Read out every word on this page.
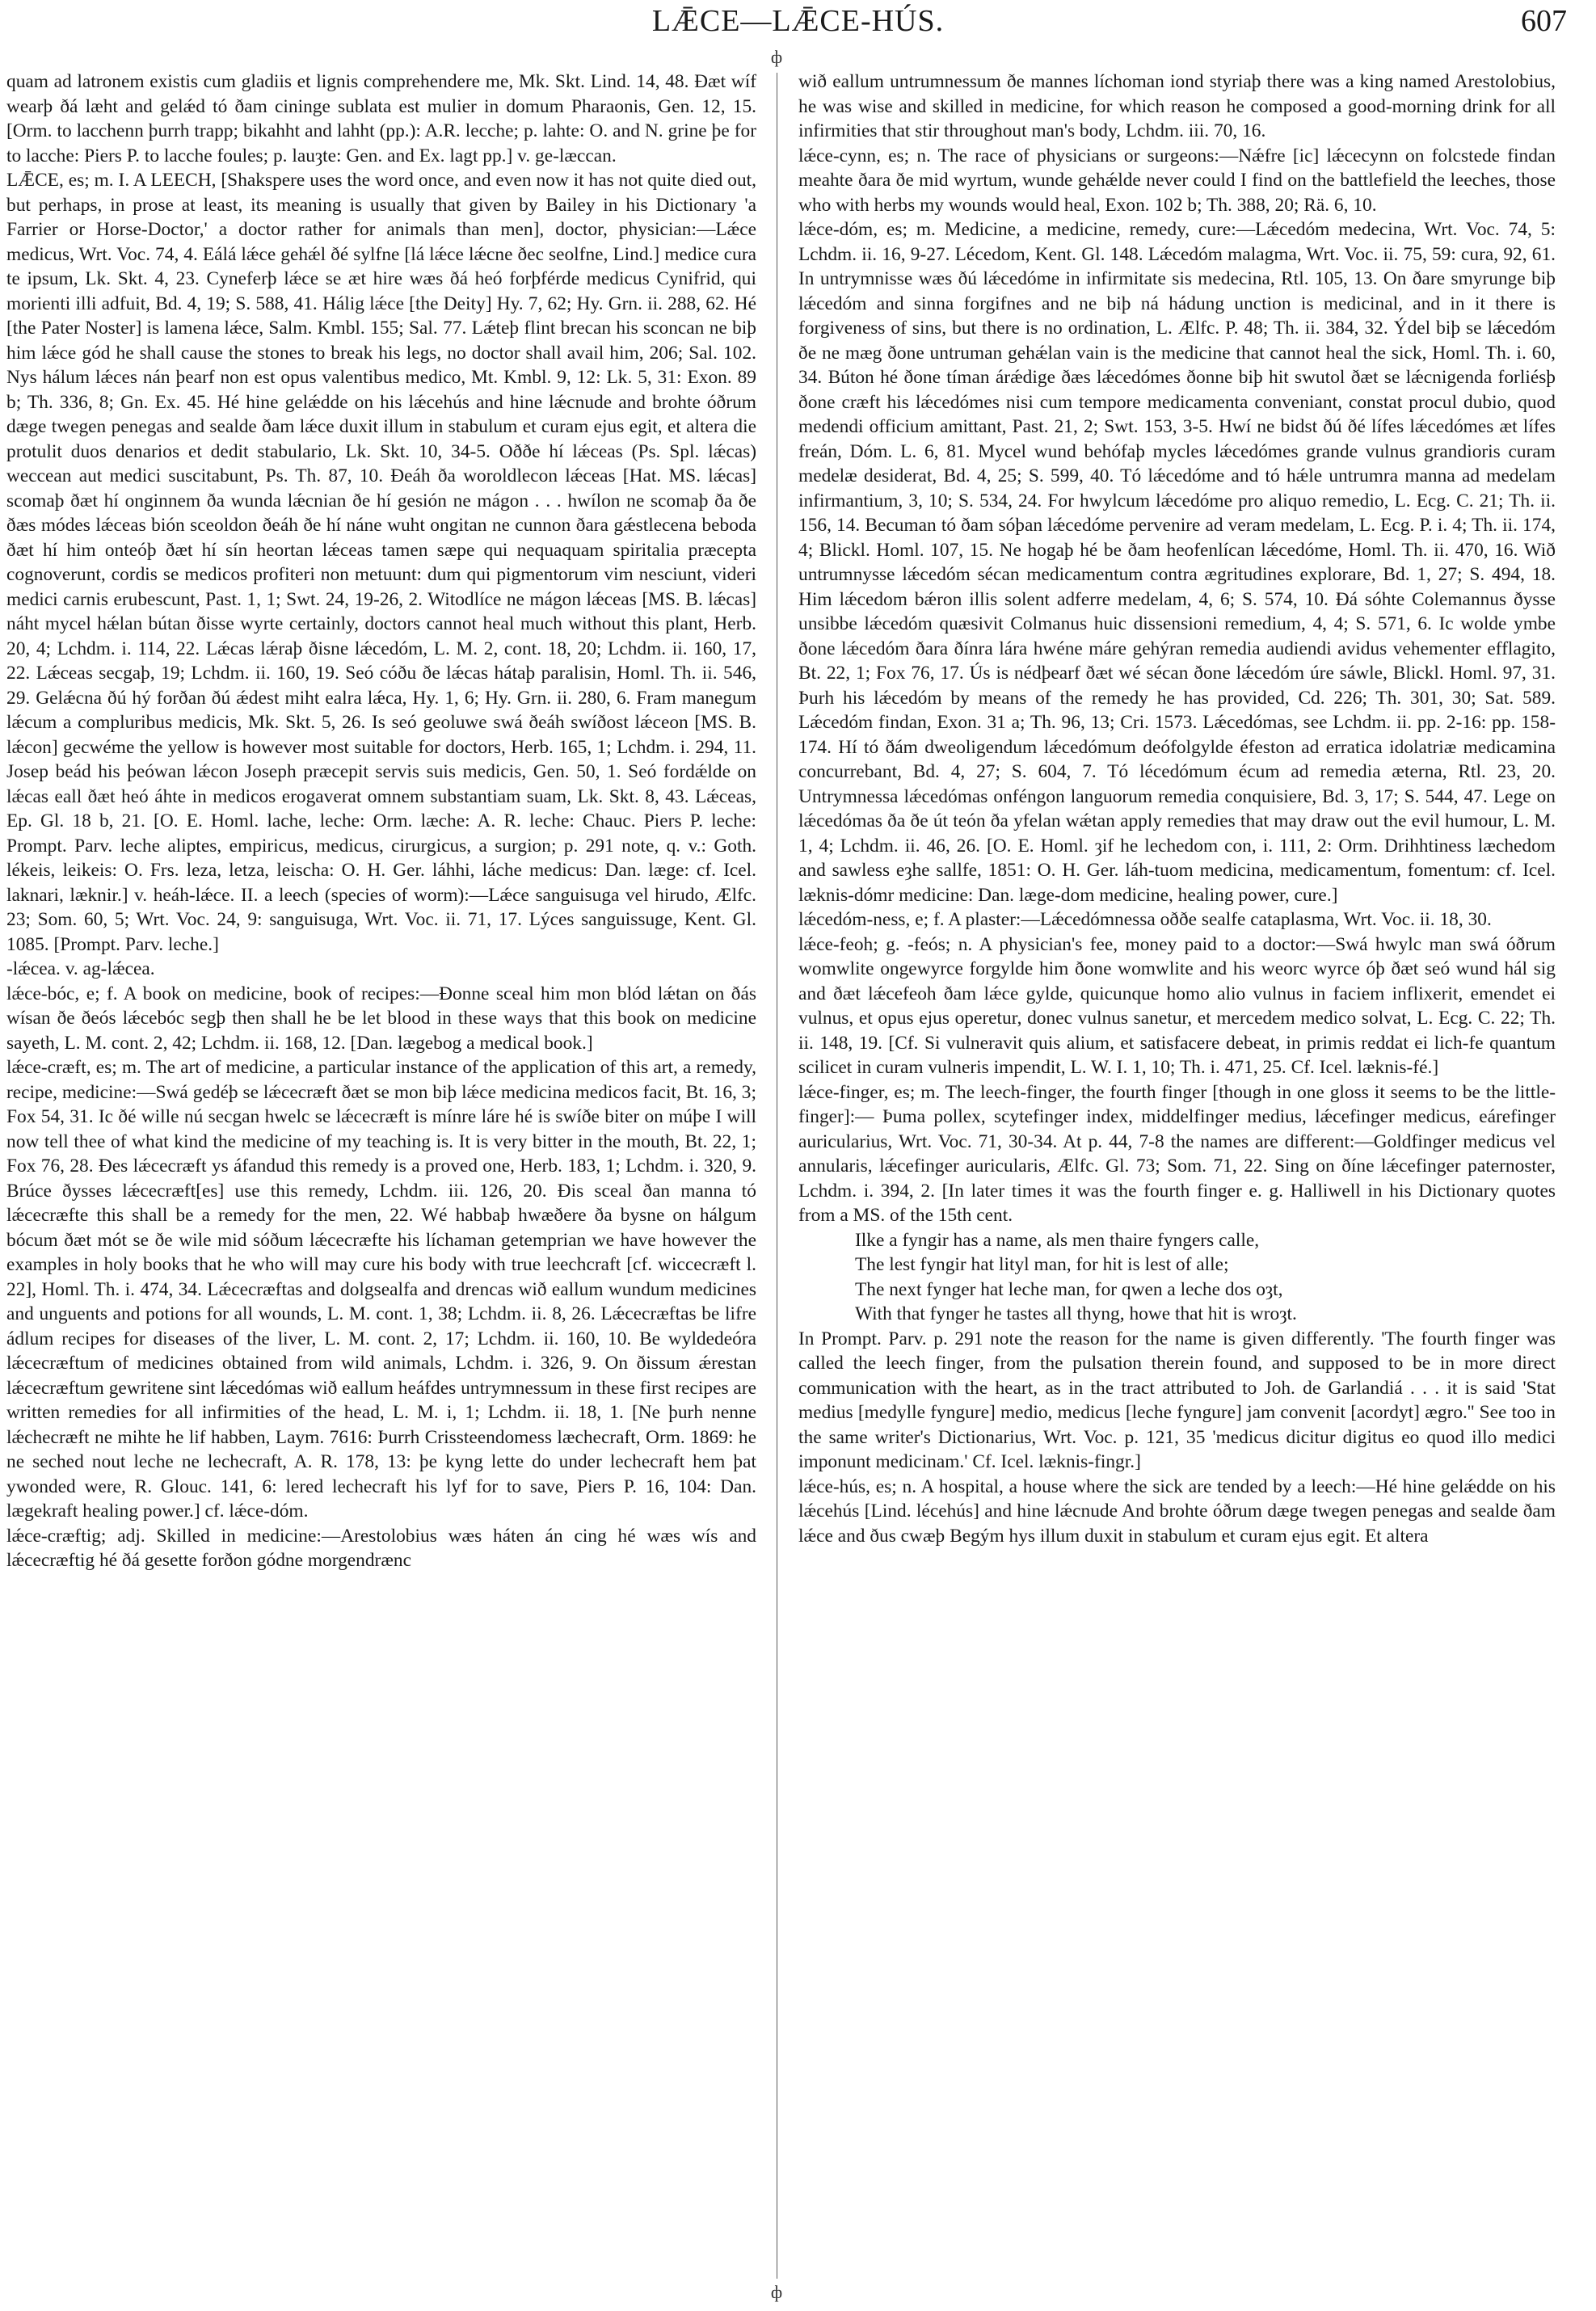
LǢCE—LǢCE-HÚS.	607
ф
ф

quam ad latronem existis cum gladiis et lignis comprehendere me, Mk. Skt. Lind. 14, 48. Ðæt wíf wearþ ðá læht and gelǽd tó ðam cininge sublata est mulier in domum Pharaonis, Gen. 12, 15. [Orm. to lacchenn þurrh trapp; bikahht and lahht (pp.): A.R. lecche; p. lahte: O. and N. grine þe for to lacche: Piers P. to lacche foules; p. lauȝte: Gen. and Ex. lagt pp.] v. ge-læccan.

LǢCE, es; m. I. A LEECH, [Shakspere uses the word once, and even now it has not quite died out, but perhaps, in prose at least, its meaning is usually that given by Bailey in his Dictionary 'a Farrier or Horse-Doctor,' a doctor rather for animals than men], doctor, physician:—Lǽce medicus, Wrt. Voc. 74, 4. Eálá lǽce gehǽl ðé sylfne [lá lǽce lǽcne ðec seolfne, Lind.] medice cura te ipsum, Lk. Skt. 4, 23. Cyneferþ lǽce se æt hire wæs ðá heó forþférde medicus Cynifrid, qui morienti illi adfuit, Bd. 4, 19; S. 588, 41. Hálig lǽce [the Deity] Hy. 7, 62; Hy. Grn. ii. 288, 62. Hé [the Pater Noster] is lamena lǽce, Salm. Kmbl. 155; Sal. 77. Lǽteþ flint brecan his sconcan ne biþ him lǽce gód he shall cause the stones to break his legs, no doctor shall avail him, 206; Sal. 102. Nys hálum lǽces nán þearf non est opus valentibus medico, Mt. Kmbl. 9, 12: Lk. 5, 31: Exon. 89 b; Th. 336, 8; Gn. Ex. 45. Hé hine gelǽdde on his lǽcehús and hine lǽcnude and brohte óðrum dæge twegen penegas and sealde ðam lǽce duxit illum in stabulum et curam ejus egit, et altera die protulit duos denarios et dedit stabulario, Lk. Skt. 10, 34-5. Oððe hí lǽceas (Ps. Spl. lǽcas) weccean aut medici suscitabunt, Ps. Th. 87, 10. Ðeáh ða woroldlecon lǽceas [Hat. MS. lǽcas] scomaþ ðæt hí onginnem ða wunda lǽcnian ðe hí gesión ne mágon . . . hwílon ne scomaþ ða ðe ðæs módes lǽceas bión sceoldon ðeáh ðe hí náne wuht ongitan ne cunnon ðara gǽstlecena beboda ðæt hí him onteóþ ðæt hí sín heortan lǽceas tamen sæpe qui nequaquam spiritalia præcepta cognoverunt, cordis se medicos profiteri non metuunt: dum qui pigmentorum vim nesciunt, videri medici carnis erubescunt, Past. 1, 1; Swt. 24, 19-26, 2. Witodlíce ne mágon lǽceas [MS. B. lǽcas] náht mycel hǽlan bútan ðisse wyrte certainly, doctors cannot heal much without this plant, Herb. 20, 4; Lchdm. i. 114, 22. Lǽcas lǽraþ ðisne lǽcedóm, L. M. 2, cont. 18, 20; Lchdm. ii. 160, 17, 22. Lǽceas secgaþ, 19; Lchdm. ii. 160, 19. Seó cóðu ðe lǽcas hátaþ paralisin, Homl. Th. ii. 546, 29. Gelǽcna ðú hý forðan ðú ǽdest miht ealra lǽca, Hy. 1, 6; Hy. Grn. ii. 280, 6. Fram manegum lǽcum a compluribus medicis, Mk. Skt. 5, 26. Is seó geoluwe swá ðeáh swíðost lǽceon [MS. B. lǽcon] gecwéme the yellow is however most suitable for doctors, Herb. 165, 1; Lchdm. i. 294, 11. Josep beád his þeówan lǽcon Joseph præcepit servis suis medicis, Gen. 50, 1. Seó fordǽlde on lǽcas eall ðæt heó áhte in medicos erogaverat omnem substantiam suam, Lk. Skt. 8, 43. Lǽceas, Ep. Gl. 18 b, 21. [O. E. Homl. lache, leche: Orm. læche: A. R. leche: Chauc. Piers P. leche: Prompt. Parv. leche aliptes, empiricus, medicus, cirurgicus, a surgion; p. 291 note, q. v.: Goth. lékeis, leikeis: O. Frs. leza, letza, leischa: O. H. Ger. láhhi, láche medicus: Dan. læge: cf. Icel. laknari, læknir.] v. heáh-lǽce. II. a leech (species of worm):—Lǽce sanguisuga vel hirudo, Ælfc. 23; Som. 60, 5; Wrt. Voc. 24, 9: sanguisuga, Wrt. Voc. ii. 71, 17. Lýces sanguissuge, Kent. Gl. 1085. [Prompt. Parv. leche.]

-lǽcea. v. ag-lǽcea.

lǽce-bóc, e; f. A book on medicine, book of recipes:—Ðonne sceal him mon blód lǽtan on ðás wísan ðe ðeós lǽcebóc segþ then shall he be let blood in these ways that this book on medicine sayeth, L. M. cont. 2, 42; Lchdm. ii. 168, 12. [Dan. lægebog a medical book.]

lǽce-cræft, es; m. The art of medicine, a particular instance of the application of this art, a remedy, recipe, medicine:—Swá gedéþ se lǽcecræft ðæt se mon biþ lǽce medicina medicos facit, Bt. 16, 3; Fox 54, 31. Ic ðé wille nú secgan hwelc se lǽcecræft is mínre láre hé is swíðe biter on múþe I will now tell thee of what kind the medicine of my teaching is. It is very bitter in the mouth, Bt. 22, 1; Fox 76, 28. Ðes lǽcecræft ys áfandud this remedy is a proved one, Herb. 183, 1; Lchdm. i. 320, 9. Brúce ðysses lǽcecræft[es] use this remedy, Lchdm. iii. 126, 20. Ðis sceal ðan manna tó lǽcecræfte this shall be a remedy for the men, 22. Wé habbaþ hwæðere ða bysne on hálgum bócum ðæt mót se ðe wile mid sóðum lǽcecræfte his líchaman getemprian we have however the examples in holy books that he who will may cure his body with true leechcraft [cf. wiccecræft l. 22], Homl. Th. i. 474, 34. Lǽcecræftas and dolgsealfa and drencas wið eallum wundum medicines and unguents and potions for all wounds, L. M. cont. 1, 38; Lchdm. ii. 8, 26. Lǽcecræftas be lifre ádlum recipes for diseases of the liver, L. M. cont. 2, 17; Lchdm. ii. 160, 10. Be wyldedeóra lǽcecræftum of medicines obtained from wild animals, Lchdm. i. 326, 9. On ðissum ǽrestan lǽcecræftum gewritene sint lǽcedómas wið eallum heáfdes untrymnessum in these first recipes are written remedies for all infirmities of the head, L. M. i, 1; Lchdm. ii. 18, 1. [Ne þurh nenne lǽchecræft ne mihte he lif habben, Laym. 7616: Þurrh Crissteendomess læchecraft, Orm. 1869: he ne seched nout leche ne lechecraft, A. R. 178, 13: þe kyng lette do under lechecraft hem þat ywonded were, R. Glouc. 141, 6: lered lechecraft his lyf for to save, Piers P. 16, 104: Dan. lægekraft healing power.] cf. lǽce-dóm.

lǽce-cræftig; adj. Skilled in medicine:—Arestolobius wæs háten án cing hé wæs wís and lǽcecræftig hé ðá gesette forðon gódne morgendrænc

wið eallum untrumnessum ðe mannes líchoman iond styriaþ there was a king named Arestolobius, he was wise and skilled in medicine, for which reason he composed a good-morning drink for all infirmities that stir throughout man's body, Lchdm. iii. 70, 16.

lǽce-cynn, es; n. The race of physicians or surgeons:—Nǽfre [ic] lǽcecynn on folcstede findan meahte ðara ðe mid wyrtum, wunde gehǽlde never could I find on the battlefield the leeches, those who with herbs my wounds would heal, Exon. 102 b; Th. 388, 20; Rä. 6, 10.

lǽce-dóm, es; m. Medicine, a medicine, remedy, cure:—Lǽcedóm medecina, Wrt. Voc. 74, 5: Lchdm. ii. 16, 9-27. Lécedom, Kent. Gl. 148. Lǽcedóm malagma, Wrt. Voc. ii. 75, 59: cura, 92, 61. In untrymnisse wæs ðú lǽcedóme in infirmitate sis medecina, Rtl. 105, 13. On ðare smyrunge biþ lǽcedóm and sinna forgifnes and ne biþ ná hádung unction is medicinal, and in it there is forgiveness of sins, but there is no ordination, L. Ælfc. P. 48; Th. ii. 384, 32. Ýdel biþ se lǽcedóm ðe ne mæg ðone untruman gehǽlan vain is the medicine that cannot heal the sick, Homl. Th. i. 60, 34. Búton hé ðone tíman árǽdige ðæs lǽcedómes ðonne biþ hit swutol ðæt se lǽcnigenda forliésþ ðone cræft his lǽcedómes nisi cum tempore medicamenta conveniant, constat procul dubio, quod medendi officium amittant, Past. 21, 2; Swt. 153, 3-5. Hwí ne bidst ðú ðé lífes lǽcedómes æt lífes freán, Dóm. L. 6, 81. Mycel wund behófaþ mycles lǽcedómes grande vulnus grandioris curam medelæ desiderat, Bd. 4, 25; S. 599, 40. Tó lǽcedóme and tó hǽle untrumra manna ad medelam infirmantium, 3, 10; S. 534, 24. For hwylcum lǽcedóme pro aliquo remedio, L. Ecg. C. 21; Th. ii. 156, 14. Becuman tó ðam sóþan lǽcedóme pervenire ad veram medelam, L. Ecg. P. i. 4; Th. ii. 174, 4; Blickl. Homl. 107, 15. Ne hogaþ hé be ðam heofenlícan lǽcedóme, Homl. Th. ii. 470, 16. Wið untrumnysse lǽcedóm sécan medicamentum contra ægritudines explorare, Bd. 1, 27; S. 494, 18. Him lǽcedom bǽron illis solent adferre medelam, 4, 6; S. 574, 10. Ðá sóhte Colemannus ðysse unsibbe lǽcedóm quæsivit Colmanus huic dissensioni remedium, 4, 4; S. 571, 6. Ic wolde ymbe ðone lǽcedóm ðara ðínra lára hwéne máre gehýran remedia audiendi avidus vehementer efflagito, Bt. 22, 1; Fox 76, 17. Ús is nédþearf ðæt wé sécan ðone lǽcedóm úre sáwle, Blickl. Homl. 97, 31. Þurh his lǽcedóm by means of the remedy he has provided, Cd. 226; Th. 301, 30; Sat. 589. Lǽcedóm findan, Exon. 31 a; Th. 96, 13; Cri. 1573. Lǽcedómas, see Lchdm. ii. pp. 2-16: pp. 158-174. Hí tó ðám dweoligendum lǽcedómum deófolgylde éfeston ad erratica idolatriæ medicamina concurrebant, Bd. 4, 27; S. 604, 7. Tó lécedómum écum ad remedia æterna, Rtl. 23, 20. Untrymnessa lǽcedómas onféngon languorum remedia conquisiere, Bd. 3, 17; S. 544, 47. Lege on lǽcedómas ða ðe út teón ða yfelan wǽtan apply remedies that may draw out the evil humour, L. M. 1, 4; Lchdm. ii. 46, 26. [O. E. Homl. ȝif he lechedom con, i. 111, 2: Orm. Drihhtiness læchedom and sawless eȝhe sallfe, 1851: O. H. Ger. láh-tuom medicina, medicamentum, fomentum: cf. Icel. læknis-dómr medicine: Dan. læge-dom medicine, healing power, cure.]

lǽcedóm-ness, e; f. A plaster:—Lǽcedómnessa oððe sealfe cataplasma, Wrt. Voc. ii. 18, 30.

lǽce-feoh; g. -feós; n. A physician's fee, money paid to a doctor:—Swá hwylc man swá óðrum womwlite ongewyrce forgylde him ðone womwlite and his weorc wyrce óþ ðæt seó wund hál sig and ðæt lǽcefeoh ðam lǽce gylde, quicunque homo alio vulnus in faciem inflixerit, emendet ei vulnus, et opus ejus operetur, donec vulnus sanetur, et mercedem medico solvat, L. Ecg. C. 22; Th. ii. 148, 19. [Cf. Si vulneravit quis alium, et satisfacere debeat, in primis reddat ei lich-fe quantum scilicet in curam vulneris impendit, L. W. I. 1, 10; Th. i. 471, 25. Cf. Icel. læknis-fé.]

lǽce-finger, es; m. The leech-finger, the fourth finger [though in one gloss it seems to be the little-finger]:— Þuma pollex, scytefinger index, middelfinger medius, lǽcefinger medicus, eárefinger auricularius, Wrt. Voc. 71, 30-34. At p. 44, 7-8 the names are different:—Goldfinger medicus vel annularis, lǽcefinger auricularis, Ælfc. Gl. 73; Som. 71, 22. Sing on ðíne lǽcefinger paternoster, Lchdm. i. 394, 2. [In later times it was the fourth finger e. g. Halliwell in his Dictionary quotes from a MS. of the 15th cent.

Ilke a fyngir has a name, als men thaire fyngers calle,
The lest fyngir hat lityl man, for hit is lest of alle;
The next fynger hat leche man, for qwen a leche dos oȝt,
With that fynger he tastes all thyng, howe that hit is wroȝt.

In Prompt. Parv. p. 291 note the reason for the name is given differently. 'The fourth finger was called the leech finger, from the pulsation therein found, and supposed to be in more direct communication with the heart, as in the tract attributed to Joh. de Garlandiá . . . it is said 'Stat medius [medylle fyngure] medio, medicus [leche fyngure] jam convenit [acordyt] ægro.'' See too in the same writer's Dictionarius, Wrt. Voc. p. 121, 35 'medicus dicitur digitus eo quod illo medici imponunt medicinam.' Cf. Icel. læknis-fingr.]

lǽce-hús, es; n. A hospital, a house where the sick are tended by a leech:—Hé hine gelǽdde on his lǽcehús [Lind. lécehús] and hine lǽcnude And brohte óðrum dæge twegen penegas and sealde ðam lǽce and ðus cwæþ Begým hys illum duxit in stabulum et curam ejus egit. Et altera
